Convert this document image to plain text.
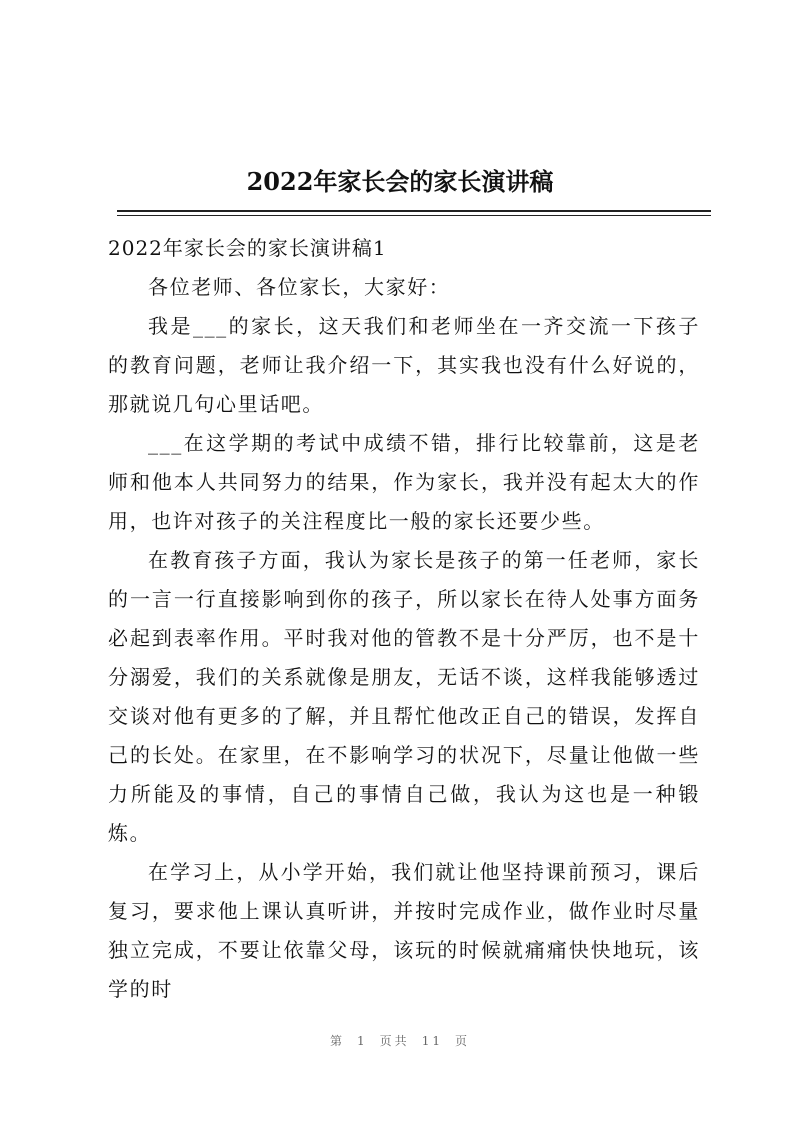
2022年家长会的家长演讲稿

2022年家长会的家长演讲稿1

各位老师、各位家长，大家好：

我是___的家长，这天我们和老师坐在一齐交流一下孩子的教育问题，老师让我介绍一下，其实我也没有什么好说的，那就说几句心里话吧。

___在这学期的考试中成绩不错，排行比较靠前，这是老师和他本人共同努力的结果，作为家长，我并没有起太大的作用，也许对孩子的关注程度比一般的家长还要少些。

在教育孩子方面，我认为家长是孩子的第一任老师，家长的一言一行直接影响到你的孩子，所以家长在待人处事方面务必起到表率作用。平时我对他的管教不是十分严厉，也不是十分溺爱，我们的关系就像是朋友，无话不谈，这样我能够透过交谈对他有更多的了解，并且帮忙他改正自己的错误，发挥自己的长处。在家里，在不影响学习的状况下，尽量让他做一些力所能及的事情，自己的事情自己做，我认为这也是一种锻炼。

在学习上，从小学开始，我们就让他坚持课前预习，课后复习，要求他上课认真听讲，并按时完成作业，做作业时尽量独立完成，不要让依靠父母，该玩的时候就痛痛快快地玩，该学的时

第 1 页共 11 页
